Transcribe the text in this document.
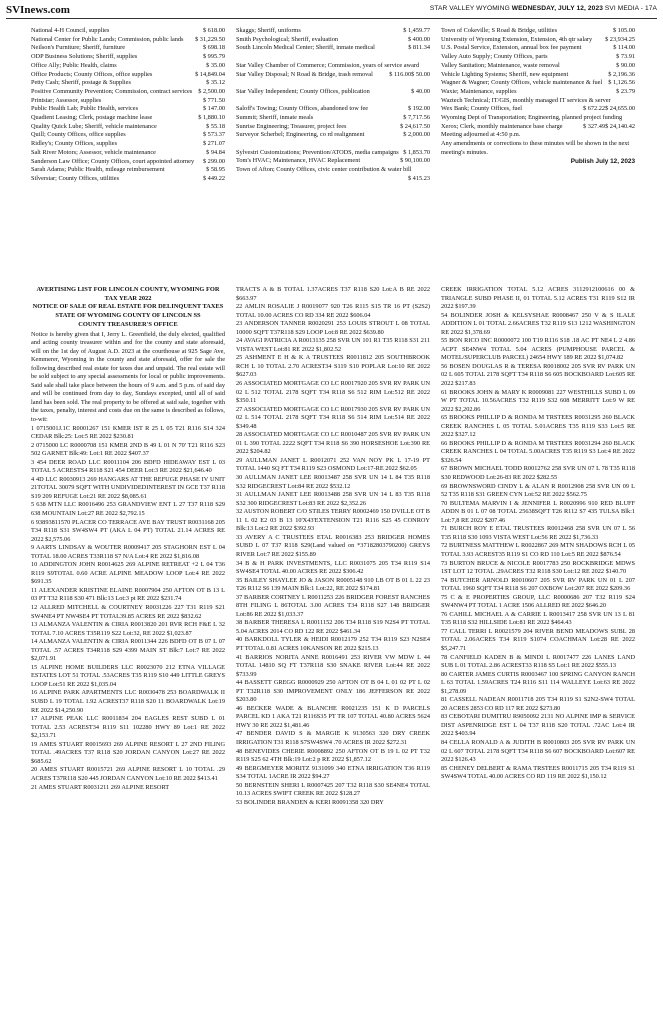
SVInews.com	STAR VALLEY WYOMING WEDNESDAY, JULY 12, 2023 SVI MEDIA - 17A
National 4-H Council, supplies	$ 618.00
National Center for Public Lands; Commission, public lands $ 31,229.50
Neilson's Furniture; Sheriff, furniture	$ 698.18
ODP Business Solutions; Sheriff, supplies	$ 995.79
Office Ally; Public Health, claims	$ 35.00
Office Products; County Offices, office supplies	$ 14,849.04
Petty Cash; Sheriff, postage & Supplies	$ 35.12
Positive Community Prevention; Commission, contract services $ 2,500.00
Printstar; Assessor, supplies	$ 771.50
Public Health Lab; Public Health, services	$ 147.00
Quadient Leasing; Clerk, postage machine lease	$ 1,880.10
Quality Quick Lube; Sheriff, vehicle maintenance	$ 55.18
Quill; County Offices, office supplies	$ 573.37
Ridley's; County Offices, supplies	$ 271.07
Salt River Motors; Assessor, vehicle maintenance	$ 94.84
Sanderson Law Office; County Offices, court appointed attorney $ 299.00
Sarah Adams; Public Health, mileage reimbursement	$ 58.95
Silverstar; County Offices, utilities	$ 449.22
Skaggs; Sheriff, uniforms	$ 1,459.77
Smith Psychological; Sheriff, evaluation	$ 400.00
South Lincoln Medical Center; Sheriff, inmate medical	$ 811.34
Star Valley Chamber of Commerce; Commission, years of service award
$ 50.00
Star Valley Disposal; N Road & Bridge, trash removal	$ 116.00
Star Valley Independent; County Offices, publication	$ 40.00
Saloff's Towing; County Offices, abandoned tow fee	$ 192.00
Summit; Sheriff, inmate meals	$ 7,717.56
Sunrise Engineering; Treasurer, project fees	$ 24,617.50
Surveyor Scherbel; Engineering, co rd realignment	$ 2,000.00
Sylvestri Customizations; Prevention/ATODS, media campaigns $ 1,853.70
Tom's HVAC; Maintenance, HVAC Replacement	$ 90,100.00
Town of Afton; County Offices, civic center contribution & water bill
$ 415.23
Town of Cokeville; S Road & Bridge, utilities	$ 105.00
University of Wyoming Extension, Extension, 4th qtr salary $ 23,934.25
U.S. Postal Service, Extension, annual box fee payment	$ 114.00
Valley Auto Supply; County Offices, parts	$ 73.91
Valley Sanitation; Maintenance, waste removal	$ 90.00
Vehicle Lighting Systems; Sheriff, new equipment	$ 2,196.36
Wagner & Wagner; County Offices, vehicle maintenance & fuel $ 1,126.56
Waxie; Maintenance, supplies	$ 23.79
Waztech Technical; IT/GIS, monthly managed IT services & server
$ 24,655.00
Wex Bank; County Offices, fuel	$ 672.22
Wyoming Dept of Transportation; Engineering, planned project funding
$ 24,140.42
Xerox; Clerk, monthly maintenance base charge	$ 327.49
Meeting adjourned at 4:50 p.m.
Any amendments or corrections to these minutes will be shown in the next meeting's minutes.
Publish July 12, 2023
AVERTISING LIST FOR LINCOLN COUNTY, WYOMING FOR TAX YEAR 2022
NOTICE OF SALE OF REAL ESTATE FOR DELINQUENT TAXES
STATE OF WYOMING COUNTY OF LINCOLN SS
COUNTY TREASURER'S OFFICE

Notice is hereby given that I, Jerry L. Greenfield, the duly elected, qualified and acting county treasurer within and for the county and state aforesaid, will on the 1st day of August A.D. 2023 at the courthouse at 925 Sage Ave, Kemmerer, Wyoming in the county and state aforesaid, offer for sale the following described real estate for taxes due and unpaid. The real estate will be sold subject to any special assessments for local or public improvements. Said sale shall take place between the hours of 9 a.m. and 5 p.m. of said day and will be continued from day to day, Sundays excepted, until all of said land has been sold. The real property to be offered at said sale, together with the taxes, penalty, interest and costs due on the same is described as follows, to-wit:

1 0715001J.1C R0001267 151 KMER IST R 25 L 05 T21 R116 S14 324 CEDAR Blk:25: Lot:5 RE 2022 $230.81

2 0715000 LC R0000708 151 KMER 2ND B 49 L 01 N 70' T21 R116 S23 502 GARNET Blk:49: Lot:1 RE 2022 $407.37

3 454 DEER ROAD LLC R0011104 206 BDFD HIDEAWAY EST L 03 TOTAL 5 ACRESTS4 R118 S21 454 DEER Lot:3 RE 2022 $21,646.40

4 4D LLC R0030913 269 HANGARS AT THE REFUGE PHASE IV UNIT 21TOTAL 30079 SQFT WITH UNDIVIDEDINTEREST IN GCE T37 R118 S19 209 REFUGE Lot:21 RE 2022 $8,085.61

5 638 MTN LLC R0016496 253 GRANDVIEW ENT L 27 T37 R118 S29 638 MOUNTAIN Lot:27 RE 2022 $2,792.15

6 93893811570 PLACER CO TERRACE AVE BAY TRUST R0031168 205 T34 R118 S31 SW4SW4 PT (AKA L 04 PT) TOTAL 21.14 ACRES RE 2022 $2,575.06

9 AARTS LINDSAY & WOUTER R0009417 205 STAGHORN EST L 04 TOTAL 18.00 ACRES T33R118 S7 N/A Lot:4 RE 2022 $1,816.08

10 ADDINGTON JOHN R0014625 269 ALPINE RETREAT +2 L 04 T36 R119 S9TOTAL 0.60 ACRE ALPINE MEADOW LOOP Lot:4 RE 2022 $691.35

11 ALEXANDER KRISTINE ELAINE R0007904 250 AFTON OT B 13 L 03 PT T32 R118 S30 471 Blk:13 Lot:3 pt RE 2022 $231.74

12 ALLRED MITCHELL & COURTNEY R0031226 227 T31 R119 S21 SW4NE4 PT NW4SE4 PT TOTAL39.85 ACRES RE 2022 $832.62

13 ALMANZA VALENTIN & CIRIA R0013820 201 RVR RCH F&E L 32 TOTAL 7.10 ACRES T35R119 S22 Lot:32, RE 2022 $1,023.87

14 ALMANZA VALENTIN & CIRIA R0011344 226 BDFD OT B 07 L 07 TOTAL .57 ACRES T34R118 S29 4399 MAIN ST Blk:7 Lot:7 RE 2022 $2,071.91

15 ALPINE HOME BUILDERS LLC R0023070 212 ETNA VILLAGE ESTATES LOT 51 TOTAL .53ACRES T35 R119 S10 449 LITTLE GREYS LOOP Lot:51 RE 2022 $1,035.04

16 ALPINE PARK APARTMENTS LLC R0030478 253 BOARDWALK II SUBD L 19 TOTAL 1.92 ACREST37 R118 S20 11 BOARDWALK Lot:19 RE 2022 $14,250.90

17 ALPINE PEAK LLC R0011834 204 EAGLES REST SUBD L 01 TOTAL 2.53 ACREST34 R119 S11 102280 HWY 89 Lot:1 RE 2022 $2,153.71

19 AMES STUART R0015693 269 ALPINE RESORT L 27 2ND FILING TOTAL .49ACRES T37 R118 S20 JORDAN CANYON Lot:27 RE 2022 $685.62

20 AMES STUART R0015721 269 ALPINE RESORT L 10 TOTAL .29 ACRES T37R118 S20 445 JORDAN CANYON Lot:10 RE 2022 $413.41

21 AMES STUART R0031211 269 ALPINE RESORT

TRACTS A & B TOTAL 1.37ACRES T37 R118 S20 Lot:A B RE 2022 $663.97

22 AMLIN ROSALIE J R0019077 920 T26 R115 S15 TR 16 PT (S2S2) TOTAL 10.00 ACRES CO RD 334 RE 2022 $606.04

23 ANDERSON TANNER R0020291 253 LOUIS STROUT L 08 TOTAL 10000 SQFT T37R118 S29 LOOP Lot:8 RE 2022 $639.80

24 AVAGI PATRICIA A R0013135 258 SVR UN 101 R1 T35 R118 S31 211 VISTA WEST Lot:81 RE 2022 $1,802.52

25 ASHMENT E H & K A TRUSTEES R0011812 205 SOUTHBROOK RCH L 10 TOTAL 2.70 ACREST34 S119 S10 POPLAR Lot:10 RE 2022 $627.03

26 ASSOCIATED MORTGAGE CO LC R0017920 205 SVR RV PARK UN 02 L 512 TOTAL 2178 SQFT T34 R118 S6 512 RIM Lot:512 RE 2022 $350.11

27 ASSOCIATED MORTGAGE CO LC R0017930 205 SVR RV PARK UN 02 L 514 TOTAL 2178 SQFT T34 R118 S6 514 RIM Lot:514 RE 2022 $349.48

28 ASSOCIATED MORTGAGE CO LC R0010487 205 SVR RV PARK UN 01 L 390 TOTAL 2222 SQFT T34 R118 S6 390 HORSESHOE Lot:390 RE 2022 $204.82

29 AULLMAN JANET L R0012071 252 VAN NOY PK L 17-19 PT TOTAL 1440 SQ FT T34 R119 S23 OSMOND Lot:17-RE 2022 $62.05

30 AULLMAN JANET LEE R0013487 258 SVR UN 14 L 84 T35 R118 S32 RIDGECREST Lot:84 RE 2022 $532.12

31 AULLMAN JANET LEE R0013488 258 SVR UN 14 L 83 T35 R118 S32 300 RIDGECREST Lot:83 RE 2022 $2,352.26

32 AUSTON ROBERT C/O STILES TERRY R0002469 150 DVILLE OT B 11 L 02 E2 03 B 13 10'X43'EXTENSION T21 R116 S25 45 CONROY Blk:13 Lot:2 RE 2022 $392.93

33 AVERY A C TRUSTEES ETAL R0016383 253 BRIDGER HOMES SUBD L 07 T37 R118 S29(Land valued on *37182803790200) GREYS RIVER Lot:7 RE 2022 $155.89

34 B & H PARK INVESTMENTS, LLC R0031075 205 T34 R119 S14 SW4SE4 TOTAL 40.00 ACRES RE 2022 $306.42

35 BAILEY SHAYLEE JO & JASON R0005148 910 LB OT B 01 L 22 23 T26 R112 S6 139 MAIN Blk:1 Lot:22, RE 2022 $174.81

37 BARBER CORTNEY L R0011253 226 BRIDGER FOREST RANCHES 8TH FILING L 86TOTAL 3.00 ACRES T34 R118 S27 148 BRIDGER Lot:86 RE 2022 $1,033.37

38 BARBER THERESA L R0011152 206 T34 R118 S19 N2S4 PT TOTAL 5.04 ACRES 2014 CO RD 122 RE 2022 $461.34

40 BARKDOLL TYLER & HEIDI R0012179 252 T34 R119 S23 N2SE4 PT TOTAL 0.81 ACRES 10KANSON RE 2022 $215.13

41 BARRIOS NORITA ANNE R0016491 253 RIVER VW MDW L 44 TOTAL 14810 SQ FT T37R118 S30 SNAKE RIVER Lot:44 RE 2022 $733.99

44 BASSETT GREGG R0000929 250 AFTON OT B 04 L 01 02 PT L 02 PT T32R118 S30 IMPROVEMENT ONLY 186 JEFFERSON RE 2022 $203.80

46 BECKER WADE & BLANCHE R0021235 151 K D PARCELS PARCEL KD 1 AKA T21 R116S35 PT TR 107 TOTAL 40.80 ACRES 5624 HWY 30 RE 2022 $1,481.46

47 BENDER DAVID S & MARGIE K 9130563 320 DRY CREEK IRRIGATION T31 R118 S7SW4SW4 .70 ACRES IR 2022 $272.31

48 BENEVIDES CHERIE R0008892 250 AFTON OT B 19 L 02 PT T32 R119 S25 62 4TH Blk:19 Lot:2 p RE 2022 $1,857.12

49 BERGMEYER MORITZ 9131099 340 ETNA IRRIGATION T36 R119 S34 TOTAL 1ACRE IR 2022 $94.27

50 BERNSTEIN SHERI L R0007425 207 T32 R118 S30 SE4NE4 TOTAL 10.13 ACRES SWIFT CREEK RE 2022 $128.27

53 BOLINDER BRANDEN & KERI R0091358 320 DRY

CREEK IRRIGATION TOTAL 5.12 ACRES 3112912100616 00 & TRIANGLE SUBD PHASE II, 01 TOTAL 5.12 ACRES T31 R119 S12 IR 2022 $197.39

54 BOLINDER JOSH & KELSYSHAE R0008467 250 V & S ILALE ADDITION L 01 TOTAL 2.66ACRES T32 R119 S13 1212 WASHINGTON RE 2022 $1,378.69

55 BON RICO INC R0000072 100 T19 R116 S18 .18 AC PT NE4 L 2 4.86 ACPT SE4NW4 TOTAL 5.04 ACRES (PUMPHOUSE PARCEL & MOTEL/SUPERCLUB PARCEL) 24654 HWY 189 RE 2022 $1,074.82

56 BOSEN DOUGLAS R & TERESA R0018002 205 SVR RV PARK UN 02 L 605 TOTAL 2178 SQFT T34 R118 S6 605 BOCKBOARD Lot:605 RE 2022 $217.83

61 BROOKS JOHN & MARY K R0009081 227 WESTHILLS SUBD L 09 W PT TOTAL 10.56ACRES T32 R119 S32 608 MERRITT Lot:9 W RE 2022 $2,202.86

65 BROOKS PHILLIP D & RONDA M TRSTEES R0031295 260 BLACK CREEK RANCHES L 05 TOTAL 5.01ACRES T35 R119 S33 Lot:5 RE 2022 $327.12

66 BROOKS PHILLIP D & RONDA M TRSTEES R0031294 260 BLACK CREEK RANCHES L 04 TOTAL 5.00ACRES T35 R119 S3 Lot:4 RE 2022 $326.54

67 BROWN MICHAEL TODD R0012762 258 SVR UN 07 L 78 T35 R118 S30 REDWOOD Lot:26-83 RE 2022 $282.55

69 BROWNSWORD CINDY L & ALAN R R0012908 258 SVR UN 09 L 52 T35 R118 S31 GREEN CYN Lot:52 RE 2022 $562.75

70 BULTEMA MARVIN I & JENNIFER L R0020996 910 RED BLUFF ADDN B 01 L 07 08 TOTAL 25638SQFT T26 R112 S7 435 TULSA Blk:1 Lot:7,8 RE 2022 $207.46

71 BURCH ROY E ETAL TRUSTEES R0012468 258 SVR UN 07 L 56 T35 R118 S30 1093 VISTA WEST Lot:56 RE 2022 $1,736.33

72 BURTNESS MATTHEW L R0022867 269 MTN SHADOWS RCH L 05 TOTAL 3.93 ACREST35 R119 S1 CO RD 110 Lot:5 RE 2022 $876.54

73 BURTON BRUCE & NICOLE R0017783 250 ROCKBRIDGE MDWS 1ST LOT 12 TOTAL .29ACRES T32 R118 S30 Lot:12 RE 2022 $140.70

74 BUTCHER ARNOLD R0010607 205 SVR RV PARK UN 01 L 207 TOTAL 1960 SQFT T34 R118 S6 207 OXBOW Lot:207 RE 2022 $209.36

75 C & E PROPERTIES GROUP, LLC R0000686 207 T32 R119 S24 SW4NW4 PT TOTAL 1 ACRE 1506 ALLRED RE 2022 $646.20

76 CAHILL MICHAEL A & CARRIE L R0013417 258 SVR UN 13 L 81 T35 R118 S32 HILLSIDE Lot:81 RE 2022 $464.43

77 CALL TERRI L R0021579 204 RIVER BEND MEADOWS SUBL 28 TOTAL 2.06ACRES T34 R119 S1074 COACHMAN Lot:28 RE 2022 $5,247.71

78 CANFIELD KADEN B & MINDI L R0017477 226 LANES LAND SUB L 01 TOTAL 2.86 ACREST33 R118 S5 Lot:1 RE 2022 $555.13

80 CARTER JAMES CURTIS R0003467 100 SPRING CANYON RANCH L 63 TOTAL 1.59ACRES T24 R116 S11 114 WALLEYE Lot:63 RE 2022 $1,278.09

81 CASSELL NADEAN R0011718 205 T34 R119 S1 S2N2-SW4 TOTAL 20 ACRES 2853 CO RD 117 RE 2022 $273.80

83 CEBOTARI DUMITRU R9050092 2131 NO ALPINE IMP & SERVICE DIST ASPENRIDGE EST L 04 T37 R118 S20 TOTAL .72AC Lot:4 IR 2022 $403.94

84 CELLA RONALD A & JUDITH B R0010803 205 SVR RV PARK UN 02 L 607 TOTAL 2178 SQFT T34 R118 S6 607 BOCKBOARD Lot:607 RE 2022 $126.43

85 CHENEY DELBERT & RAMA TRSTEES R0011715 205 T34 R119 S1 SW4SW4 TOTAL 40.00 ACRES CO RD 119 RE 2022 $1,150.12
